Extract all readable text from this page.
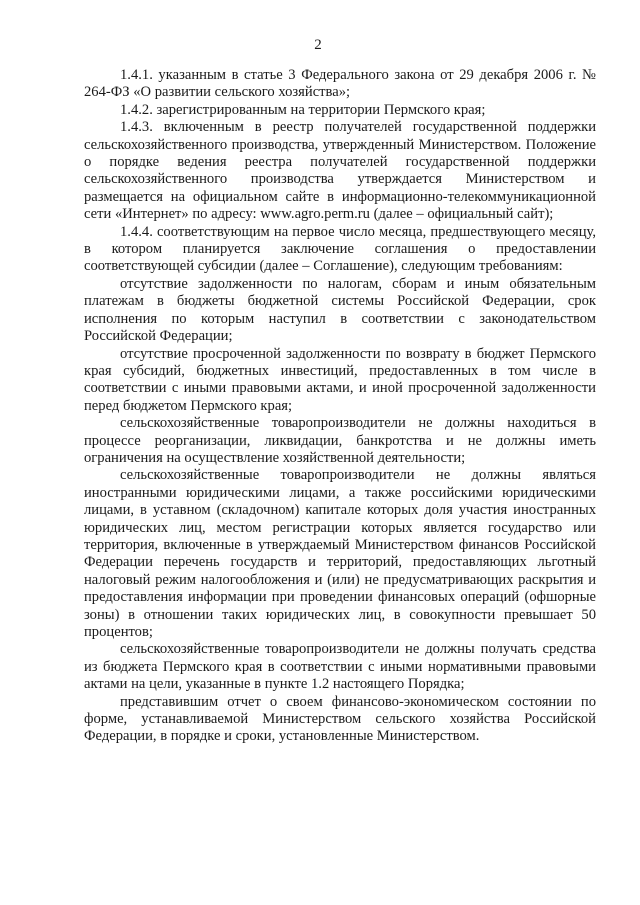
2

1.4.1. указанным в статье 3 Федерального закона от 29 декабря 2006 г. № 264-ФЗ «О развитии сельского хозяйства»;

1.4.2. зарегистрированным на территории Пермского края;

1.4.3. включенным в реестр получателей государственной поддержки сельскохозяйственного производства, утвержденный Министерством. Положение о порядке ведения реестра получателей государственной поддержки сельскохозяйственного производства утверждается Министерством и размещается на официальном сайте в информационно-телекоммуникационной сети «Интернет» по адресу: www.agro.perm.ru (далее – официальный сайт);

1.4.4. соответствующим на первое число месяца, предшествующего месяцу, в котором планируется заключение соглашения о предоставлении соответствующей субсидии (далее – Соглашение), следующим требованиям:

отсутствие задолженности по налогам, сборам и иным обязательным платежам в бюджеты бюджетной системы Российской Федерации, срок исполнения по которым наступил в соответствии с законодательством Российской Федерации;

отсутствие просроченной задолженности по возврату в бюджет Пермского края субсидий, бюджетных инвестиций, предоставленных в том числе в соответствии с иными правовыми актами, и иной просроченной задолженности перед бюджетом Пермского края;

сельскохозяйственные товаропроизводители не должны находиться в процессе реорганизации, ликвидации, банкротства и не должны иметь ограничения на осуществление хозяйственной деятельности;

сельскохозяйственные товаропроизводители не должны являться иностранными юридическими лицами, а также российскими юридическими лицами, в уставном (складочном) капитале которых доля участия иностранных юридических лиц, местом регистрации которых является государство или территория, включенные в утверждаемый Министерством финансов Российской Федерации перечень государств и территорий, предоставляющих льготный налоговый режим налогообложения и (или) не предусматривающих раскрытия и предоставления информации при проведении финансовых операций (офшорные зоны) в отношении таких юридических лиц, в совокупности превышает 50 процентов;

сельскохозяйственные товаропроизводители не должны получать средства из бюджета Пермского края в соответствии с иными нормативными правовыми актами на цели, указанные в пункте 1.2 настоящего Порядка;

представившим отчет о своем финансово-экономическом состоянии по форме, устанавливаемой Министерством сельского хозяйства Российской Федерации, в порядке и сроки, установленные Министерством.
